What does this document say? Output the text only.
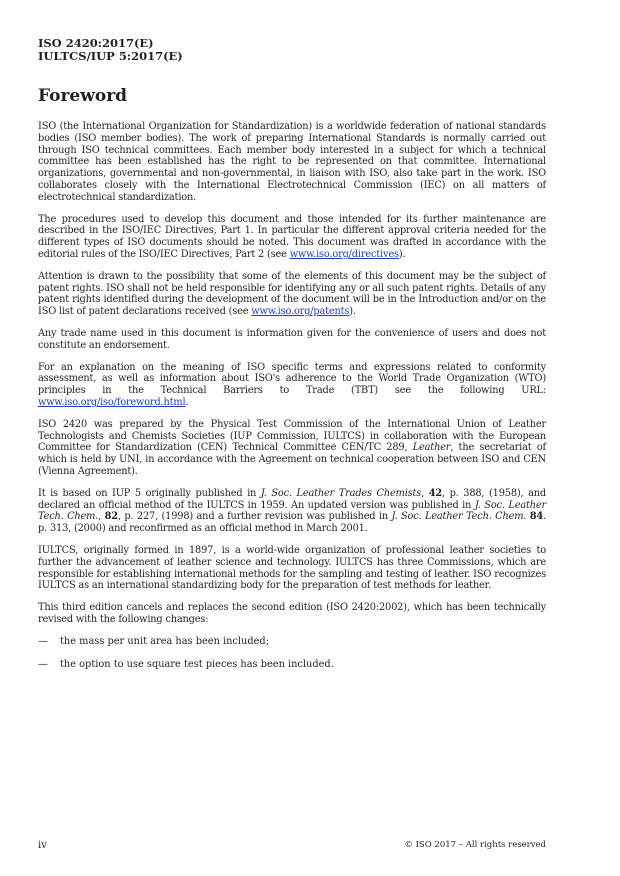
ISO 2420:2017(E)
IULTCS/IUP 5:2017(E)
Foreword

ISO (the International Organization for Standardization) is a worldwide federation of national standards bodies (ISO member bodies). The work of preparing International Standards is normally carried out through ISO technical committees. Each member body interested in a subject for which a technical committee has been established has the right to be represented on that committee. International organizations, governmental and non-governmental, in liaison with ISO, also take part in the work. ISO collaborates closely with the International Electrotechnical Commission (IEC) on all matters of electrotechnical standardization.

The procedures used to develop this document and those intended for its further maintenance are described in the ISO/IEC Directives, Part 1. In particular the different approval criteria needed for the different types of ISO documents should be noted. This document was drafted in accordance with the editorial rules of the ISO/IEC Directives, Part 2 (see www.iso.org/directives).

Attention is drawn to the possibility that some of the elements of this document may be the subject of patent rights. ISO shall not be held responsible for identifying any or all such patent rights. Details of any patent rights identified during the development of the document will be in the Introduction and/or on the ISO list of patent declarations received (see www.iso.org/patents).

Any trade name used in this document is information given for the convenience of users and does not constitute an endorsement.

For an explanation on the meaning of ISO specific terms and expressions related to conformity assessment, as well as information about ISO's adherence to the World Trade Organization (WTO) principles in the Technical Barriers to Trade (TBT) see the following URL: www.iso.org/iso/foreword.html.

ISO 2420 was prepared by the Physical Test Commission of the International Union of Leather Technologists and Chemists Societies (IUP Commission, IULTCS) in collaboration with the European Committee for Standardization (CEN) Technical Committee CEN/TC 289, Leather, the secretariat of which is held by UNI, in accordance with the Agreement on technical cooperation between ISO and CEN (Vienna Agreement).

It is based on IUP 5 originally published in J. Soc. Leather Trades Chemists, 42, p. 388, (1958), and declared an official method of the IULTCS in 1959. An updated version was published in J. Soc. Leather Tech. Chem., 82, p. 227, (1998) and a further revision was published in J. Soc. Leather Tech. Chem. 84. p. 313, (2000) and reconfirmed as an official method in March 2001.

IULTCS, originally formed in 1897, is a world-wide organization of professional leather societies to further the advancement of leather science and technology. IULTCS has three Commissions, which are responsible for establishing international methods for the sampling and testing of leather. ISO recognizes IULTCS as an international standardizing body for the preparation of test methods for leather.

This third edition cancels and replaces the second edition (ISO 2420:2002), which has been technically revised with the following changes:

—	the mass per unit area has been included;
—	the option to use square test pieces has been included.
iv	© ISO 2017 – All rights reserved
